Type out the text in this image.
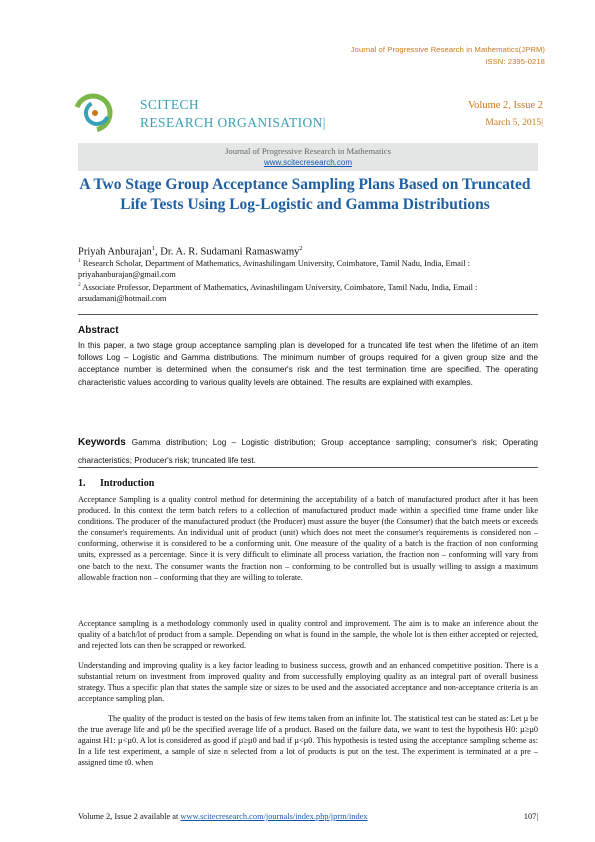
Journal of Progressive Research in Mathematics(JPRM)
ISSN: 2395-0218
SCITECH
RESEARCH ORGANISATION|
Volume 2, Issue 2
March 5, 2015|
Journal of Progressive Research in Mathematics
www.scitecresearch.com
A Two Stage Group Acceptance Sampling Plans Based on Truncated Life Tests Using Log-Logistic and Gamma Distributions
Priyah Anburajan$^1$, Dr. A. R. Sudamani Ramaswamy$^2$
$^1$ Research Scholar, Department of Mathematics, Avinashilingam University, Coimbatore, Tamil Nadu, India, Email : priyahanburajan@gmail.com
$^2$ Associate Professor, Department of Mathematics, Avinashilingam University, Coimbatore, Tamil Nadu, India, Email : arsudamani@hotmail.com
Abstract
In this paper, a two stage group acceptance sampling plan is developed for a truncated life test when the lifetime of an item follows Log – Logistic and Gamma distributions. The minimum number of groups required for a given group size and the acceptance number is determined when the consumer's risk and the test termination time are specified. The operating characteristic values according to various quality levels are obtained. The results are explained with examples.
Keywords Gamma distribution; Log – Logistic distribution; Group acceptance sampling; consumer's risk; Operating characteristics; Producer's risk; truncated life test.
1. Introduction
Acceptance Sampling is a quality control method for determining the acceptability of a batch of manufactured product after it has been produced. In this context the term batch refers to a collection of manufactured product made within a specified time frame under like conditions. The producer of the manufactured product (the Producer) must assure the buyer (the Consumer) that the batch meets or exceeds the consumer's requirements. An individual unit of product (unit) which does not meet the consumer's requirements is considered non – conforming, otherwise it is considered to be a conforming unit. One measure of the quality of a batch is the fraction of non conforming units, expressed as a percentage. Since it is very difficult to eliminate all process variation, the fraction non – conforming will vary from one batch to the next. The consumer wants the fraction non – conforming to be controlled but is usually willing to assign a maximum allowable fraction non – conforming that they are willing to tolerate.
Acceptance sampling is a methodology commonly used in quality control and improvement. The aim is to make an inference about the quality of a batch/lot of product from a sample. Depending on what is found in the sample, the whole lot is then either accepted or rejected, and rejected lots can then be scrapped or reworked.
Understanding and improving quality is a key factor leading to business success, growth and an enhanced competitive position. There is a substantial return on investment from improved quality and from successfully employing quality as an integral part of overall business strategy. Thus a specific plan that states the sample size or sizes to be used and the associated acceptance and non-acceptance criteria is an acceptance sampling plan.
The quality of the product is tested on the basis of few items taken from an infinite lot. The statistical test can be stated as: Let µ be the true average life and µ0 be the specified average life of a product. Based on the failure data, we want to test the hypothesis H0: µ≥µ0 against H1: µ<µ0. A lot is considered as good if µ≥µ0 and bad if µ<µ0. This hypothesis is tested using the acceptance sampling scheme as: In a life test experiment, a sample of size n selected from a lot of products is put on the test. The experiment is terminated at a pre – assigned time t0. when
Volume 2, Issue 2 available at www.scitecresearch.com/journals/index.php/jprm/index	107|
